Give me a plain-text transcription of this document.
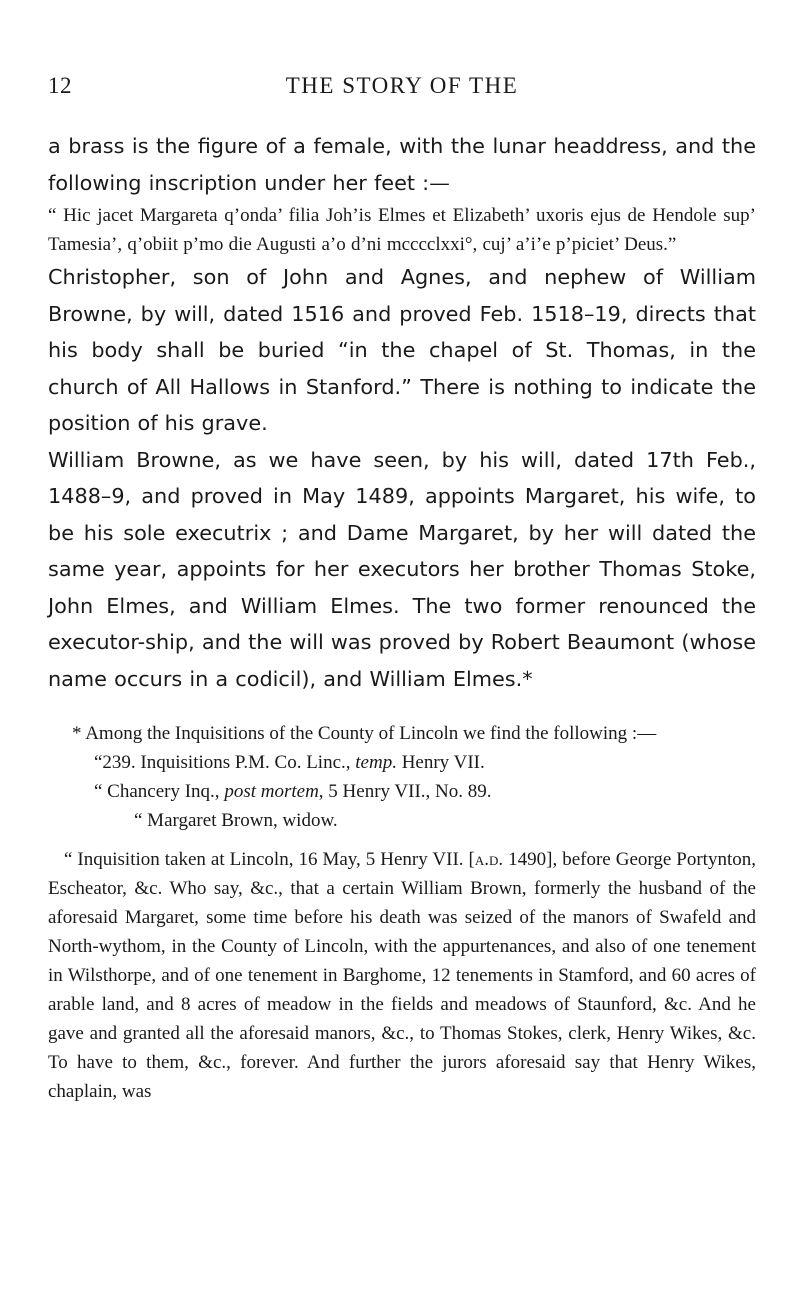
12	THE STORY OF THE

a brass is the figure of a female, with the lunar headdress, and the following inscription under her feet :—

“ Hic jacet Margareta q’onda’ filia Joh’is Elmes et Elizabeth’ uxoris ejus de Hendole sup’ Tamesia’, q’obiit p’mo die Augusti a’o d’ni mcccclxxi°, cuj’ a’i’e p’piciet’ Deus.”

Christopher, son of John and Agnes, and nephew of William Browne, by will, dated 1516 and proved Feb. 1518–19, directs that his body shall be buried “in the chapel of St. Thomas, in the church of All Hallows in Stanford.” There is nothing to indicate the position of his grave.

William Browne, as we have seen, by his will, dated 17th Feb., 1488–9, and proved in May 1489, appoints Margaret, his wife, to be his sole executrix ; and Dame Margaret, by her will dated the same year, appoints for her executors her brother Thomas Stoke, John Elmes, and William Elmes. The two former renounced the executor-ship, and the will was proved by Robert Beaumont (whose name occurs in a codicil), and William Elmes.*

* Among the Inquisitions of the County of Lincoln we find the following :—

“239. Inquisitions P.M. Co. Linc., temp. Henry VII.

“ Chancery Inq., post mortem, 5 Henry VII., No. 89.

“ Margaret Brown, widow.

“ Inquisition taken at Lincoln, 16 May, 5 Henry VII. [a.d. 1490], before George Portynton, Escheator, &c. Who say, &c., that a certain William Brown, formerly the husband of the aforesaid Margaret, some time before his death was seized of the manors of Swafeld and North-wythom, in the County of Lincoln, with the appurtenances, and also of one tenement in Wilsthorpe, and of one tenement in Barghome, 12 tenements in Stamford, and 60 acres of arable land, and 8 acres of meadow in the fields and meadows of Staunford, &c. And he gave and granted all the aforesaid manors, &c., to Thomas Stokes, clerk, Henry Wikes, &c. To have to them, &c., forever. And further the jurors aforesaid say that Henry Wikes, chaplain, was
